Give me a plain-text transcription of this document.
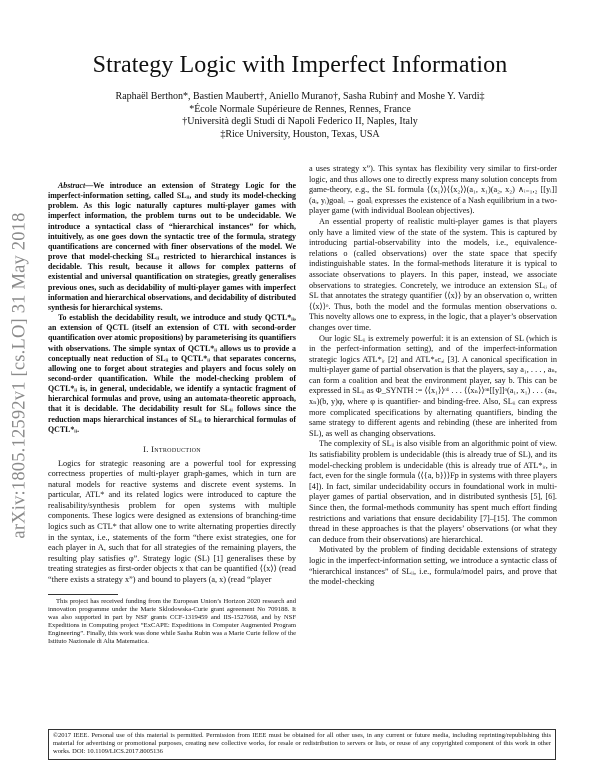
arXiv:1805.12592v1 [cs.LO] 31 May 2018
Strategy Logic with Imperfect Information
Raphaël Berthon*, Bastien Maubert†, Aniello Murano†, Sasha Rubin† and Moshe Y. Vardi‡
*École Normale Supérieure de Rennes, Rennes, France
†Università degli Studi di Napoli Federico II, Naples, Italy
‡Rice University, Houston, Texas, USA

Abstract—We introduce an extension of Strategy Logic for the imperfect-information setting, called SLᵢᵢ, and study its model-checking problem. As this logic naturally captures multi-player games with imperfect information, the problem turns out to be undecidable. We introduce a syntactical class of “hierarchical instances” for which, intuitively, as one goes down the syntactic tree of the formula, strategy quantifications are concerned with finer observations of the model. We prove that model-checking SLᵢᵢ restricted to hierarchical instances is decidable. This result, because it allows for complex patterns of existential and universal quantification on strategies, greatly generalises previous ones, such as decidability of multi-player games with imperfect information and hierarchical observations, and decidability of distributed synthesis for hierarchical systems.

To establish the decidability result, we introduce and study QCTL*ᵢᵢ, an extension of QCTL (itself an extension of CTL with second-order quantification over atomic propositions) by parameterising its quantifiers with observations. The simple syntax of QCTL*ᵢᵢ allows us to provide a conceptually neat reduction of SLᵢᵢ to QCTL*ᵢᵢ that separates concerns, allowing one to forget about strategies and players and focus solely on second-order quantification. While the model-checking problem of QCTL*ᵢᵢ is, in general, undecidable, we identify a syntactic fragment of hierarchical formulas and prove, using an automata-theoretic approach, that it is decidable. The decidability result for SLᵢᵢ follows since the reduction maps hierarchical instances of SLᵢᵢ to hierarchical formulas of QCTL*ᵢᵢ.

I. Introduction

Logics for strategic reasoning are a powerful tool for expressing correctness properties of multi-player graph-games, which in turn are natural models for reactive systems and discrete event systems. In particular, ATL* and its related logics were introduced to capture the realisability/synthesis problem for open systems with multiple components. These logics were designed as extensions of branching-time logics such as CTL* that allow one to write alternating properties directly in the syntax, i.e., statements of the form “there exist strategies, one for each player in A, such that for all strategies of the remaining players, the resulting play satisfies φ”. Strategy logic (SL) [1] generalises these by treating strategies as first-order objects x that can be quantified ⟨⟨x⟩⟩ (read “there exists a strategy x”) and bound to players (a, x) (read “player

This project has received funding from the European Union’s Horizon 2020 research and innovation programme under the Marie Sklodowska-Curie grant agreement No 709188. It was also supported in part by NSF grants CCF-1319459 and IIS-1527668, and by NSF Expeditions in Computing project “ExCAPE: Expeditions in Computer Augmented Program Engineering”. Finally, this work was done while Sasha Rubin was a Marie Curie fellow of the Istituto Nazionale di Alta Matematica.

a uses strategy x”). This syntax has flexibility very similar to first-order logic, and thus allows one to directly express many solution concepts from game-theory, e.g., the SL formula ⟨⟨x₁⟩⟩⟨⟨x₂⟩⟩(a₁, x₁)(a₂, x₂) ∧ᵢ₌₁,₂ [[yᵢ]](aᵢ, yᵢ)goalᵢ → goalᵢ expresses the existence of a Nash equilibrium in a two-player game (with individual Boolean objectives).

An essential property of realistic multi-player games is that players only have a limited view of the state of the system. This is captured by introducing partial-observability into the models, i.e., equivalence-relations o (called observations) over the state space that specify indistinguishable states. In the formal-methods literature it is typical to associate observations to players. In this paper, instead, we associate observations to strategies. Concretely, we introduce an extension SLᵢᵢ of SL that annotates the strategy quantifier ⟨⟨x⟩⟩ by an observation o, written ⟨⟨x⟩⟩ᵒ. Thus, both the model and the formulas mention observations o. This novelty allows one to express, in the logic, that a player’s observation changes over time.

Our logic SLᵢᵢ is extremely powerful: it is an extension of SL (which is in the perfect-information setting), and of the imperfect-information strategic logics ATL*ᵢᵣ [2] and ATL*ₛc,ᵢ [3]. A canonical specification in multi-player game of partial observation is that the players, say a₁, . . . , aₙ, can form a coalition and beat the environment player, say b. This can be expressed in SLᵢᵢ as Φ_SYNTH := ⟨⟨x₁⟩⟩ᵒ¹ . . . ⟨⟨xₙ⟩⟩ᵒⁿ[[y]]ᵒ(a₁, x₁) . . . (aₙ, xₙ)(b, y)φ, where φ is quantifier- and binding-free. Also, SLᵢᵢ can express more complicated specifications by alternating quantifiers, binding the same strategy to different agents and rebinding (these are inherited from SL), as well as changing observations.

The complexity of SLᵢᵢ is also visible from an algorithmic point of view. Its satisfiability problem is undecidable (this is already true of SL), and its model-checking problem is undecidable (this is already true of ATL*ᵢᵣ, in fact, even for the single formula ⟨⟨{a, b}⟩⟩Fp in systems with three players [4]). In fact, similar undecidability occurs in foundational work in multi-player games of partial observation, and in distributed synthesis [5], [6]. Since then, the formal-methods community has spent much effort finding restrictions and variations that ensure decidability [7]–[15]. The common thread in these approaches is that the players’ observations (or what they can deduce from their observations) are hierarchical.

Motivated by the problem of finding decidable extensions of strategy logic in the imperfect-information setting, we introduce a syntactic class of “hierarchical instances” of SLᵢᵢ, i.e., formula/model pairs, and prove that the model-checking

©2017 IEEE. Personal use of this material is permitted. Permission from IEEE must be obtained for all other uses, in any current or future media, including reprinting/republishing this material for advertising or promotional purposes, creating new collective works, for resale or redistribution to servers or lists, or reuse of any copyrighted component of this work in other works. DOI: 10.1109/LICS.2017.8005136
